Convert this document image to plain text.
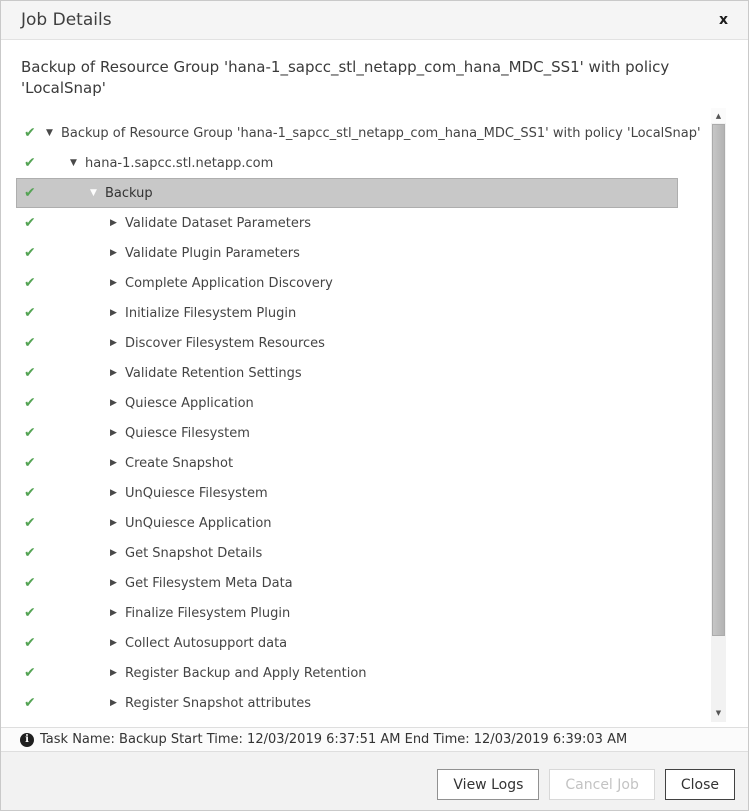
Job Details	x
Backup of Resource Group 'hana-1_sapcc_stl_netapp_com_hana_MDC_SS1' with policy 'LocalSnap'
✔	▼ Backup of Resource Group 'hana-1_sapcc_stl_netapp_com_hana_MDC_SS1' with policy 'LocalSnap'
✔	▼ hana-1.sapcc.stl.netapp.com
✔	▼ Backup
✔	▶ Validate Dataset Parameters
✔	▶ Validate Plugin Parameters
✔	▶ Complete Application Discovery
✔	▶ Initialize Filesystem Plugin
✔	▶ Discover Filesystem Resources
✔	▶ Validate Retention Settings
✔	▶ Quiesce Application
✔	▶ Quiesce Filesystem
✔	▶ Create Snapshot
✔	▶ UnQuiesce Filesystem
✔	▶ UnQuiesce Application
✔	▶ Get Snapshot Details
✔	▶ Get Filesystem Meta Data
✔	▶ Finalize Filesystem Plugin
✔	▶ Collect Autosupport data
✔	▶ Register Backup and Apply Retention
✔	▶ Register Snapshot attributes
▲
▼
i Task Name: Backup Start Time: 12/03/2019 6:37:51 AM End Time: 12/03/2019 6:39:03 AM
View Logs	Cancel Job	Close
